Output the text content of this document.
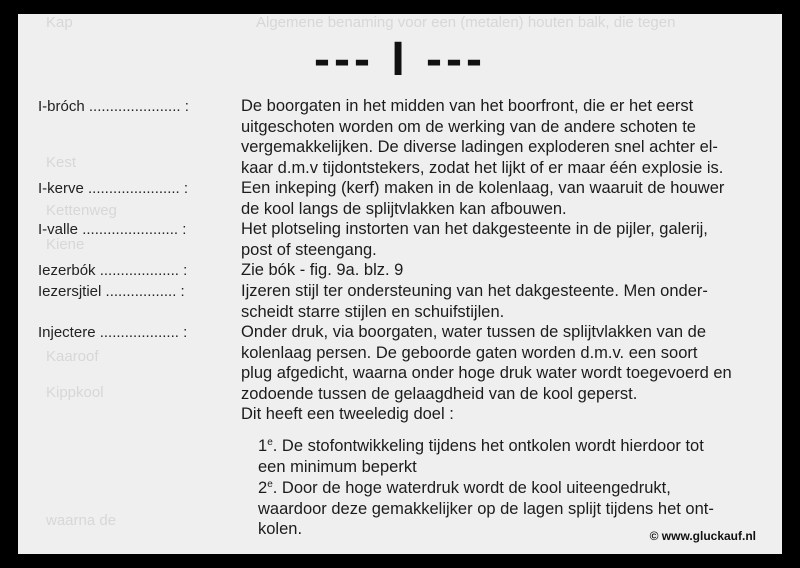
Kap	Algemene benaming voor een (metalen) houten balk, die tegen
Kest
Kettenweg
Kiene
Kaaroof
Kippkool
waarna de
--- I ---
I-bróch ...................... :	De boorgaten in het midden van het boorfront, die er het eerst

uitgeschoten worden om de werking van de andere schoten te

vergemakkelijken. De diverse ladingen exploderen snel achter el-

kaar d.m.v tijdontstekers, zodat het lijkt of er maar één explosie is.

I-kerve ...................... :	Een inkeping (kerf) maken in de kolenlaag, van waaruit de houwer

de kool langs de splijtvlakken kan afbouwen.

I-valle ....................... :	Het plotseling instorten van het dakgesteente in de pijler, galerij,

post of steengang.

Iezerbók ................... :	Zie bók - fig. 9a. blz. 9

Iezersjtiel ................. :	Ijzeren stijl ter ondersteuning van het dakgesteente. Men onder-

scheidt starre stijlen en schuifstijlen.

Injectere ................... :	Onder druk, via boorgaten, water tussen de splijtvlakken van de

kolenlaag persen. De geboorde gaten worden d.m.v. een soort

plug afgedicht, waarna onder hoge druk water wordt toegevoerd en

zodoende tussen de gelaagdheid van de kool geperst.

Dit heeft een tweeledig doel :

1e. De stofontwikkeling tijdens het ontkolen wordt hierdoor tot

een minimum beperkt

2e. Door de hoge waterdruk wordt de kool uiteengedrukt,

waardoor deze gemakkelijker op de lagen splijt tijdens het ont-

kolen.	© www.gluckauf.nl
